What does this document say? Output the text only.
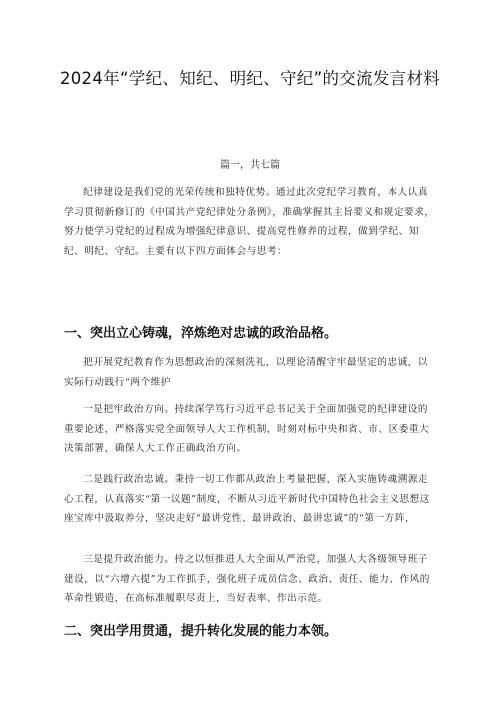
2024年“学纪、知纪、明纪、守纪”的交流发言材料
篇一，共七篇

纪律建设是我们党的光荣传统和独特优势。通过此次党纪学习教育，本人认真学习贯彻新修订的《中国共产党纪律处分条例》，准确掌握其主旨要义和规定要求，努力使学习党纪的过程成为增强纪律意识、提高党性修养的过程，做到学纪、知纪、明纪、守纪。主要有以下四方面体会与思考：

一、突出立心铸魂，淬炼绝对忠诚的政治品格。

把开展党纪教育作为思想政治的深刻洗礼，以理论清醒守牢最坚定的忠诚，以实际行动践行“两个维护

一是把牢政治方向。持续深学笃行习近平总书记关于全面加强党的纪律建设的重要论述，严格落实党全面领导人大工作机制，时刻对标中央和省、市、区委重大决策部署，确保人大工作正确政治方向。

二是践行政治忠诚。秉持一切工作都从政治上考量把握，深入实施铸魂溯源走心工程，认真落实“第一议题”制度，不断从习近平新时代中国特色社会主义思想这座宝库中汲取养分，坚决走好“最讲党性、最讲政治、最讲忠诚”的“第一方阵，

三是提升政治能力。持之以恒推进人大全面从严治党，加强人大各级领导班子建设，以“六增六提”为工作抓手，强化班子成员信念、政治、责任、能力、作风的革命性锻造，在高标准履职尽责上，当好表率、作出示范。

二、突出学用贯通，提升转化发展的能力本领。
